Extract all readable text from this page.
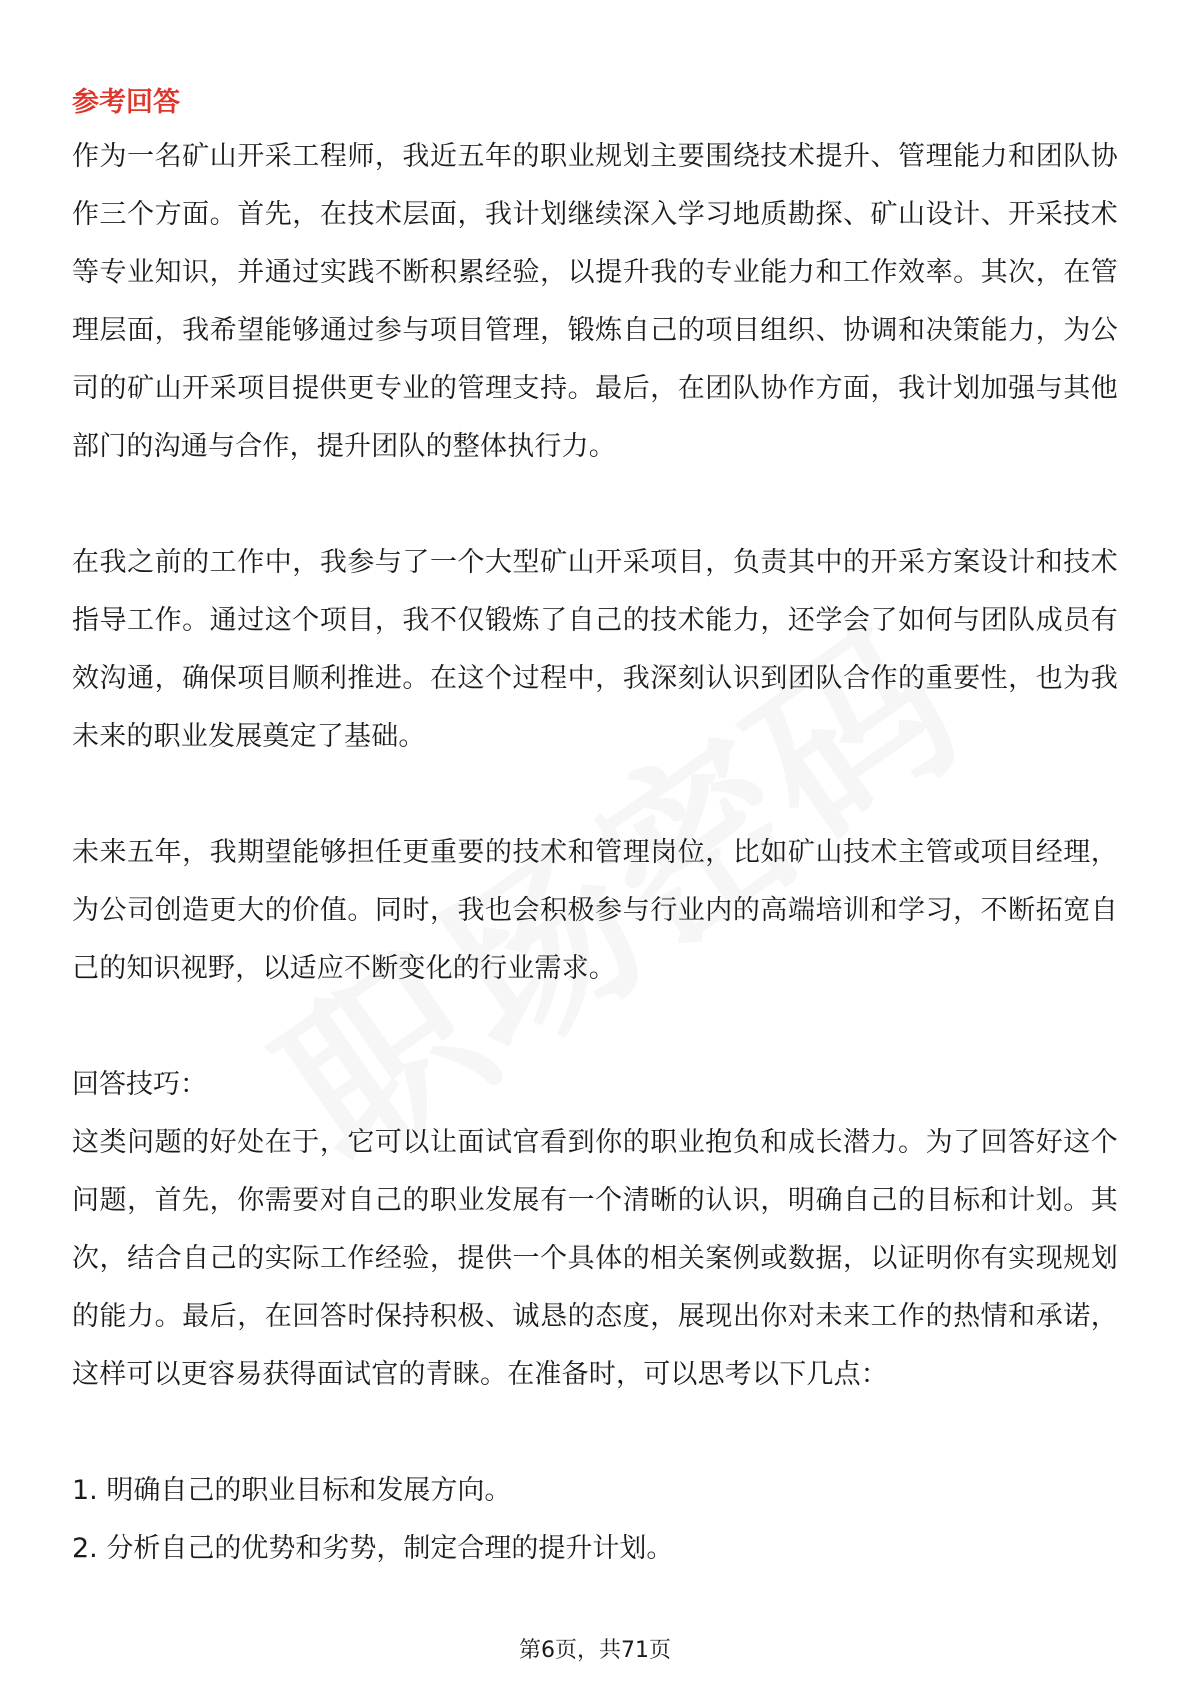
参考回答

作为一名矿山开采工程师，我近五年的职业规划主要围绕技术提升、管理能力和团队协作三个方面。首先，在技术层面，我计划继续深入学习地质勘探、矿山设计、开采技术等专业知识，并通过实践不断积累经验，以提升我的专业能力和工作效率。其次，在管理层面，我希望能够通过参与项目管理，锻炼自己的项目组织、协调和决策能力，为公司的矿山开采项目提供更专业的管理支持。最后，在团队协作方面，我计划加强与其他部门的沟通与合作，提升团队的整体执行力。

在我之前的工作中，我参与了一个大型矿山开采项目，负责其中的开采方案设计和技术指导工作。通过这个项目，我不仅锻炼了自己的技术能力，还学会了如何与团队成员有效沟通，确保项目顺利推进。在这个过程中，我深刻认识到团队合作的重要性，也为我未来的职业发展奠定了基础。

未来五年，我期望能够担任更重要的技术和管理岗位，比如矿山技术主管或项目经理，为公司创造更大的价值。同时，我也会积极参与行业内的高端培训和学习，不断拓宽自己的知识视野，以适应不断变化的行业需求。

回答技巧：

这类问题的好处在于，它可以让面试官看到你的职业抱负和成长潜力。为了回答好这个问题，首先，你需要对自己的职业发展有一个清晰的认识，明确自己的目标和计划。其次，结合自己的实际工作经验，提供一个具体的相关案例或数据，以证明你有实现规划的能力。最后，在回答时保持积极、诚恳的态度，展现出你对未来工作的热情和承诺，这样可以更容易获得面试官的青睐。在准备时，可以思考以下几点：

1. 明确自己的职业目标和发展方向。

2. 分析自己的优势和劣势，制定合理的提升计划。

第6页，共71页
